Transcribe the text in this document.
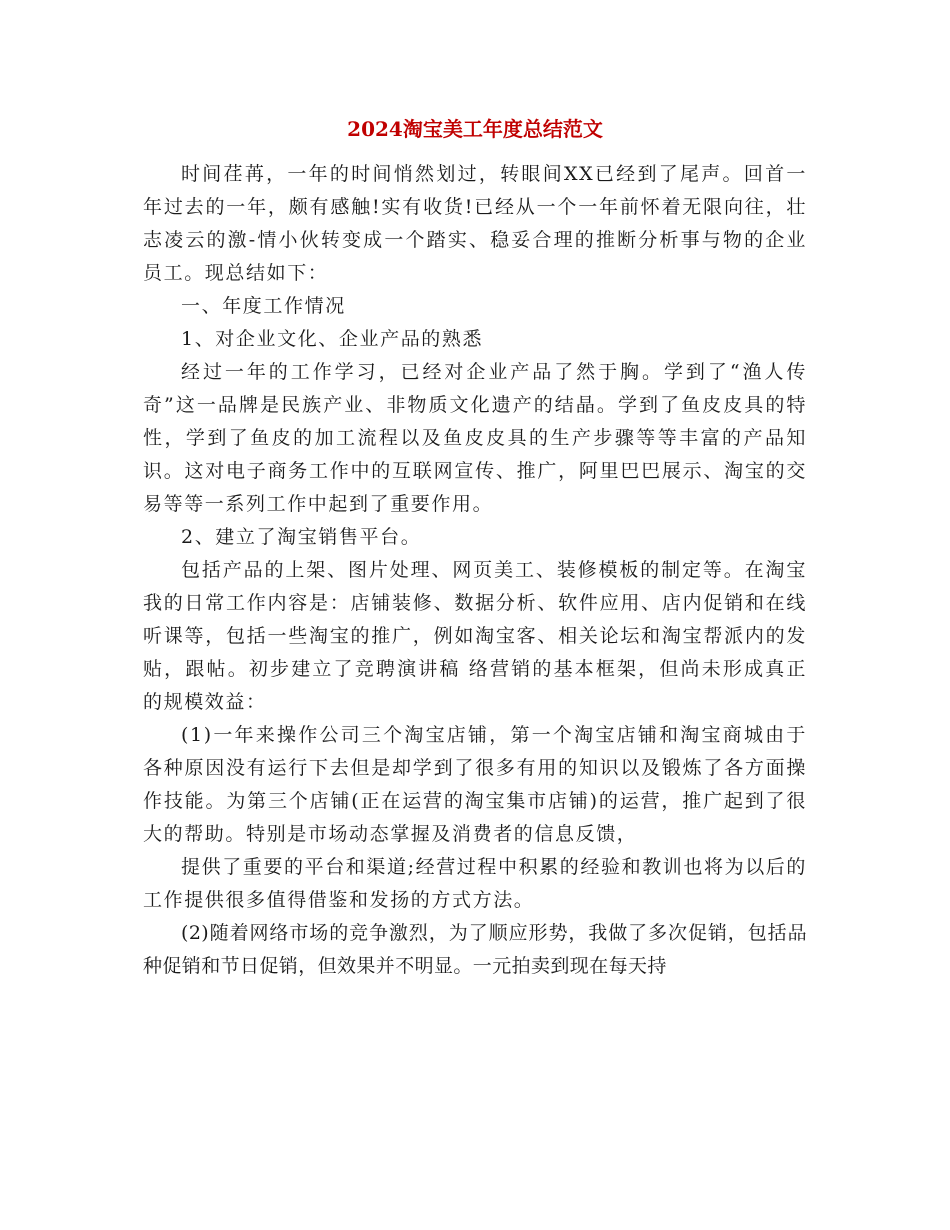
2024淘宝美工年度总结范文

时间荏苒，一年的时间悄然划过，转眼间XX已经到了尾声。回首一年过去的一年，颇有感触!实有收货!已经从一个一年前怀着无限向往，壮志凌云的激-情小伙转变成一个踏实、稳妥合理的推断分析事与物的企业员工。现总结如下：

一、年度工作情况

1、对企业文化、企业产品的熟悉

经过一年的工作学习，已经对企业产品了然于胸。学到了“渔人传奇”这一品牌是民族产业、非物质文化遗产的结晶。学到了鱼皮皮具的特性，学到了鱼皮的加工流程以及鱼皮皮具的生产步骤等等丰富的产品知识。这对电子商务工作中的互联网宣传、推广，阿里巴巴展示、淘宝的交易等等一系列工作中起到了重要作用。

2、建立了淘宝销售平台。

包括产品的上架、图片处理、网页美工、装修模板的制定等。在淘宝我的日常工作内容是：店铺装修、数据分析、软件应用、店内促销和在线听课等，包括一些淘宝的推广，例如淘宝客、相关论坛和淘宝帮派内的发贴，跟帖。初步建立了竞聘演讲稿 络营销的基本框架，但尚未形成真正的规模效益：

(1)一年来操作公司三个淘宝店铺，第一个淘宝店铺和淘宝商城由于各种原因没有运行下去但是却学到了很多有用的知识以及锻炼了各方面操作技能。为第三个店铺(正在运营的淘宝集市店铺)的运营，推广起到了很大的帮助。特别是市场动态掌握及消费者的信息反馈，

提供了重要的平台和渠道;经营过程中积累的经验和教训也将为以后的工作提供很多值得借鉴和发扬的方式方法。

(2)随着网络市场的竞争激烈，为了顺应形势，我做了多次促销，包括品种促销和节日促销，但效果并不明显。一元拍卖到现在每天持
